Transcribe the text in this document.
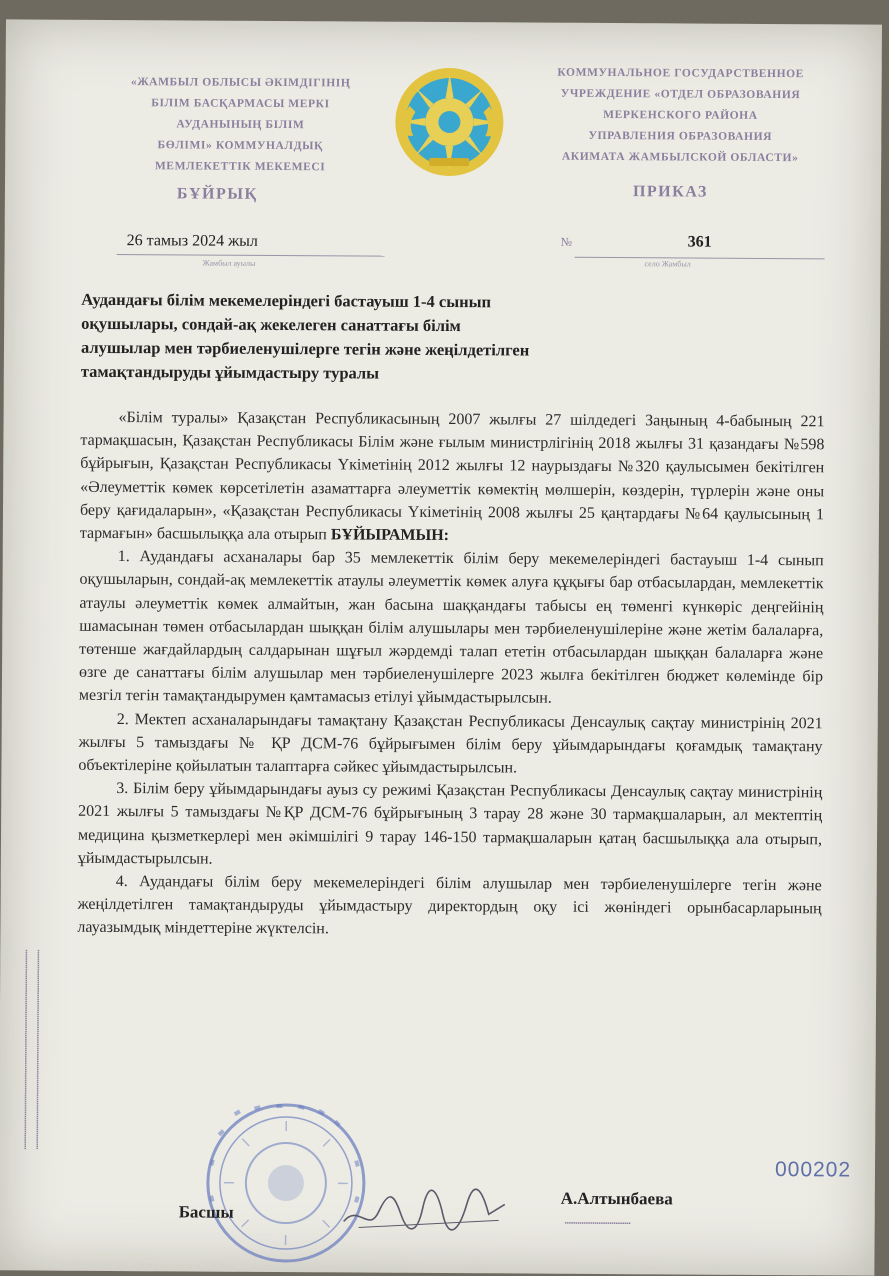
«ЖАМБЫЛ ОБЛЫСЫ ӘКІМДІГІНІҢ
БІЛІМ БАСҚАРМАСЫ МЕРКІ
АУДАНЫНЫҢ БІЛІМ
БӨЛІМІ» КОММУНАЛДЫҚ
МЕМЛЕКЕТТІК МЕКЕМЕСІ
КОММУНАЛЬНОЕ ГОСУДАРСТВЕННОЕ
УЧРЕЖДЕНИЕ «ОТДЕЛ ОБРАЗОВАНИЯ
МЕРКЕНСКОГО РАЙОНА
УПРАВЛЕНИЯ ОБРАЗОВАНИЯ
АКИМАТА ЖАМБЫЛСКОЙ ОБЛАСТИ»
БҰЙРЫҚ	ПРИКАЗ
26 тамыз 2024 жыл
Жамбыл ауылы
№	361
село Жамбыл
Аудандағы білім мекемелеріндегі бастауыш 1-4 сынып
оқушылары, сондай-ақ жекелеген санаттағы білім
алушылар мен тәрбиеленушілерге тегін және жеңілдетілген
тамақтандыруды ұйымдастыру туралы

«Білім туралы» Қазақстан Республикасының 2007 жылғы 27 шілдедегі Заңының 4-бабының 221 тармақшасын, Қазақстан Республикасы Білім және ғылым министрлігінің 2018 жылғы 31 қазандағы №598 бұйрығын, Қазақстан Республикасы Үкіметінің 2012 жылғы 12 наурыздағы №320 қаулысымен бекітілген «Әлеуметтік көмек көрсетілетін азаматтарға әлеуметтік көмектің мөлшерін, көздерін, түрлерін және оны беру қағидаларын», «Қазақстан Республикасы Үкіметінің 2008 жылғы 25 қаңтардағы №64 қаулысының 1 тармағын» басшылыққа ала отырып БҰЙЫРАМЫН:

1. Аудандағы асханалары бар 35 мемлекеттік білім беру мекемелеріндегі бастауыш 1-4 сынып оқушыларын, сондай-ақ мемлекеттік атаулы әлеуметтік көмек алуға құқығы бар отбасылардан, мемлекеттік атаулы әлеуметтік көмек алмайтын, жан басына шаққандағы табысы ең төменгі күнкөріс деңгейінің шамасынан төмен отбасылардан шыққан білім алушылары мен тәрбиеленушілеріне және жетім балаларға, төтенше жағдайлардың салдарынан шұғыл жәрдемді талап ететін отбасылардан шыққан балаларға және өзге де санаттағы білім алушылар мен тәрбиеленушілерге 2023 жылға бекітілген бюджет көлемінде бір мезгіл тегін тамақтандырумен қамтамасыз етілуі ұйымдастырылсын.

2. Мектеп асханаларындағы тамақтану Қазақстан Республикасы Денсаулық сақтау министрінің 2021 жылғы 5 тамыздағы № ҚР ДСМ-76 бұйрығымен білім беру ұйымдарындағы қоғамдық тамақтану объектілеріне қойылатын талаптарға сәйкес ұйымдастырылсын.

3. Білім беру ұйымдарындағы ауыз су режимі Қазақстан Республикасы Денсаулық сақтау министрінің 2021 жылғы 5 тамыздағы №ҚР ДСМ-76 бұйрығының 3 тарау 28 және 30 тармақшаларын, ал мектептің медицина қызметкерлері мен әкімшілігі 9 тарау 146-150 тармақшаларын қатаң басшылыққа ала отырып, ұйымдастырылсын.

4. Аудандағы білім беру мекемелеріндегі білім алушылар мен тәрбиеленушілерге тегін және жеңілдетілген тамақтандыруды ұйымдастыру директордың оқу ісі жөніндегі орынбасарларының лауазымдық міндеттеріне жүктелсін.

▪▪▪▪▪▪▪▪▪▪▪▪▪▪▪▪▪▪▪▪▪▪▪▪▪▪▪▪▪▪▪▪▪▪▪▪▪▪▪▪▪▪▪▪▪▪▪▪▪▪▪▪▪▪▪▪▪▪▪▪▪▪▪▪▪▪▪▪▪▪▪▪▪▪▪▪▪▪▪▪▪▪▪▪▪▪▪▪▪▪▪▪▪▪ ▪▪▪▪▪▪▪▪▪▪▪▪▪▪▪▪▪▪▪▪▪▪▪▪▪▪▪▪▪▪▪▪▪▪▪▪▪▪▪▪▪▪▪▪▪▪▪▪▪▪▪▪▪▪▪▪▪▪▪▪▪▪▪▪▪▪▪▪▪▪▪▪▪▪▪▪▪▪▪▪▪▪▪▪▪▪▪▪▪▪▪▪▪▪
Басшы
А.Алтынбаева
000202
▪▪▪▪▪▪▪▪▪▪▪▪▪▪▪▪▪▪▪▪▪▪▪▪▪▪▪▪▪▪▪
